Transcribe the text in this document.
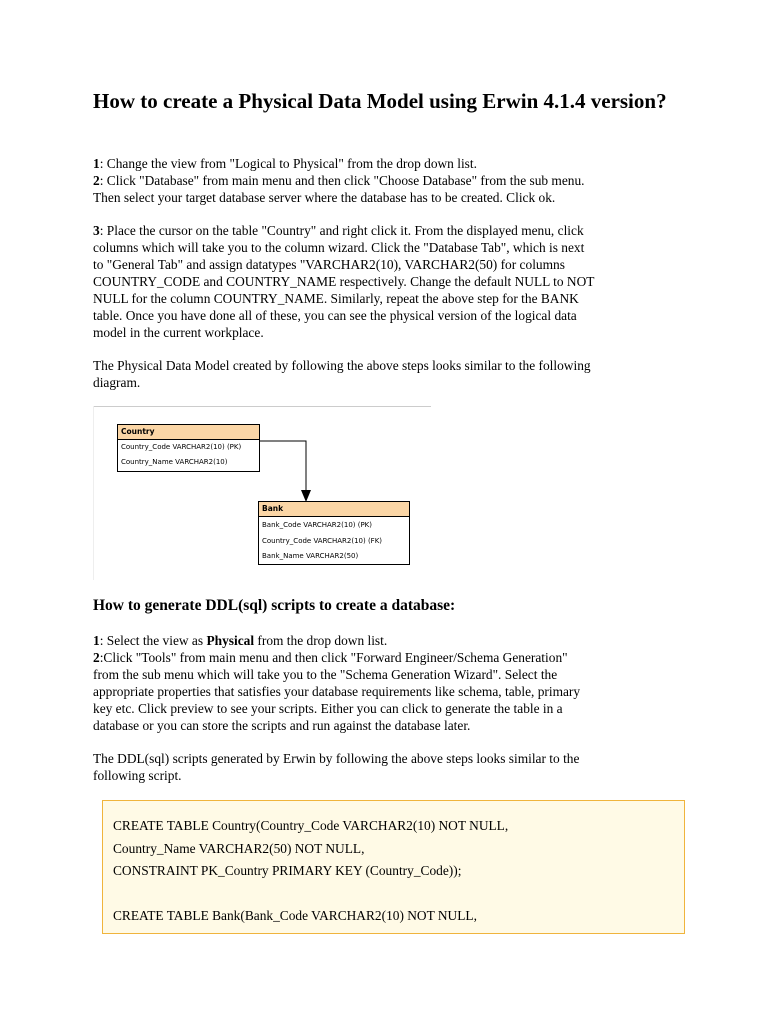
How to create a Physical Data Model using Erwin 4.1.4 version?
1: Change the view from "Logical to Physical" from the drop down list.
2: Click "Database" from main menu and then click "Choose Database" from the sub menu.
Then select your target database server where the database has to be created. Click ok.
3: Place the cursor on the table "Country" and right click it. From the displayed menu, click
columns which will take you to the column wizard. Click the "Database Tab", which is next
to "General Tab" and assign datatypes "VARCHAR2(10), VARCHAR2(50) for columns
COUNTRY_CODE and COUNTRY_NAME respectively. Change the default NULL to NOT
NULL for the column COUNTRY_NAME. Similarly, repeat the above step for the BANK
table. Once you have done all of these, you can see the physical version of the logical data
model in the current workplace.
The Physical Data Model created by following the above steps looks similar to the following
diagram.
Country
Country_Code VARCHAR2(10) (PK)
Country_Name VARCHAR2(10)
Bank
Bank_Code VARCHAR2(10) (PK)
Country_Code VARCHAR2(10) (FK)
Bank_Name VARCHAR2(50)
How to generate DDL(sql) scripts to create a database:
1: Select the view as Physical from the drop down list.
2:Click "Tools" from main menu and then click "Forward Engineer/Schema Generation"
from the sub menu which will take you to the "Schema Generation Wizard". Select the
appropriate properties that satisfies your database requirements like schema, table, primary
key etc. Click preview to see your scripts. Either you can click to generate the table in a
database or you can store the scripts and run against the database later.
The DDL(sql) scripts generated by Erwin by following the above steps looks similar to the
following script.
CREATE TABLE Country(Country_Code VARCHAR2(10) NOT NULL,
Country_Name VARCHAR2(50) NOT NULL,
CONSTRAINT PK_Country PRIMARY KEY (Country_Code));
CREATE TABLE Bank(Bank_Code VARCHAR2(10) NOT NULL,
